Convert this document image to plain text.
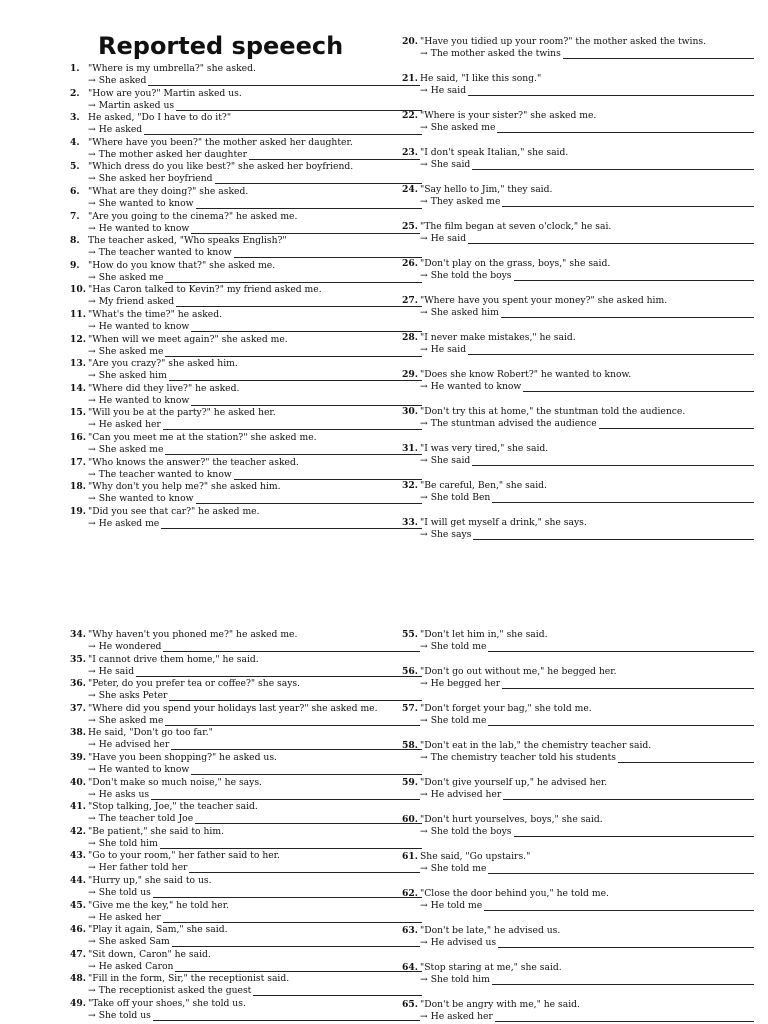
Reported speeech
1. "Where is my umbrella?" she asked.
→ She asked
2. "How are you?" Martin asked us.
→ Martin asked us
3. He asked, "Do I have to do it?"
→ He asked
4. "Where have you been?" the mother asked her daughter.
→ The mother asked her daughter
5. "Which dress do you like best?" she asked her boyfriend.
→ She asked her boyfriend
6. "What are they doing?" she asked.
→ She wanted to know
7. "Are you going to the cinema?" he asked me.
→ He wanted to know
8. The teacher asked, "Who speaks English?"
→ The teacher wanted to know
9. "How do you know that?" she asked me.
→ She asked me
10. "Has Caron talked to Kevin?" my friend asked me.
→ My friend asked
11. "What's the time?" he asked.
→ He wanted to know
12. "When will we meet again?" she asked me.
→ She asked me
13. "Are you crazy?" she asked him.
→ She asked him
14. "Where did they live?" he asked.
→ He wanted to know
15. "Will you be at the party?" he asked her.
→ He asked her
16. "Can you meet me at the station?" she asked me.
→ She asked me
17. "Who knows the answer?" the teacher asked.
→ The teacher wanted to know
18. "Why don't you help me?" she asked him.
→ She wanted to know
19. "Did you see that car?" he asked me.
→ He asked me
20. "Have you tidied up your room?" the mother asked the twins.
→ The mother asked the twins
21. He said, "I like this song."
→ He said
22. "Where is your sister?" she asked me.
→ She asked me
23. "I don't speak Italian," she said.
→ She said
24. "Say hello to Jim," they said.
→ They asked me
25. "The film began at seven o'clock," he sai.
→ He said
26. "Don't play on the grass, boys," she said.
→ She told the boys
27. "Where have you spent your money?" she asked him.
→ She asked him
28. "I never make mistakes," he said.
→ He said
29. "Does she know Robert?" he wanted to know.
→ He wanted to know
30. "Don't try this at home," the stuntman told the audience.
→ The stuntman advised the audience
31. "I was very tired," she said.
→ She said
32. "Be careful, Ben," she said.
→ She told Ben
33. "I will get myself a drink," she says.
→ She says
34. "Why haven't you phoned me?" he asked me.
→ He wondered
35. "I cannot drive them home," he said.
→ He said
36. "Peter, do you prefer tea or coffee?" she says.
→ She asks Peter
37. "Where did you spend your holidays last year?" she asked me.
→ She asked me
38. He said, "Don't go too far."
→ He advised her
39. "Have you been shopping?" he asked us.
→ He wanted to know
40. "Don't make so much noise," he says.
→ He asks us
41. "Stop talking, Joe," the teacher said.
→ The teacher told Joe
42. "Be patient," she said to him.
→ She told him
43. "Go to your room," her father said to her.
→ Her father told her
44. "Hurry up," she said to us.
→ She told us
45. "Give me the key," he told her.
→ He asked her
46. "Play it again, Sam," she said.
→ She asked Sam
47. "Sit down, Caron" he said.
→ He asked Caron
48. "Fill in the form, Sir," the receptionist said.
→ The receptionist asked the guest
49. "Take off your shoes," she told us.
→ She told us
55. "Don't let him in," she said.
→ She told me
56. "Don't go out without me," he begged her.
→ He begged her
57. "Don't forget your bag," she told me.
→ She told me
58. "Don't eat in the lab," the chemistry teacher said.
→ The chemistry teacher told his students
59. "Don't give yourself up," he advised her.
→ He advised her
60. "Don't hurt yourselves, boys," she said.
→ She told the boys
61. She said, "Go upstairs."
→ She told me
62. "Close the door behind you," he told me.
→ He told me
63. "Don't be late," he advised us.
→ He advised us
64. "Stop staring at me," she said.
→ She told him
65. "Don't be angry with me," he said.
→ He asked her
